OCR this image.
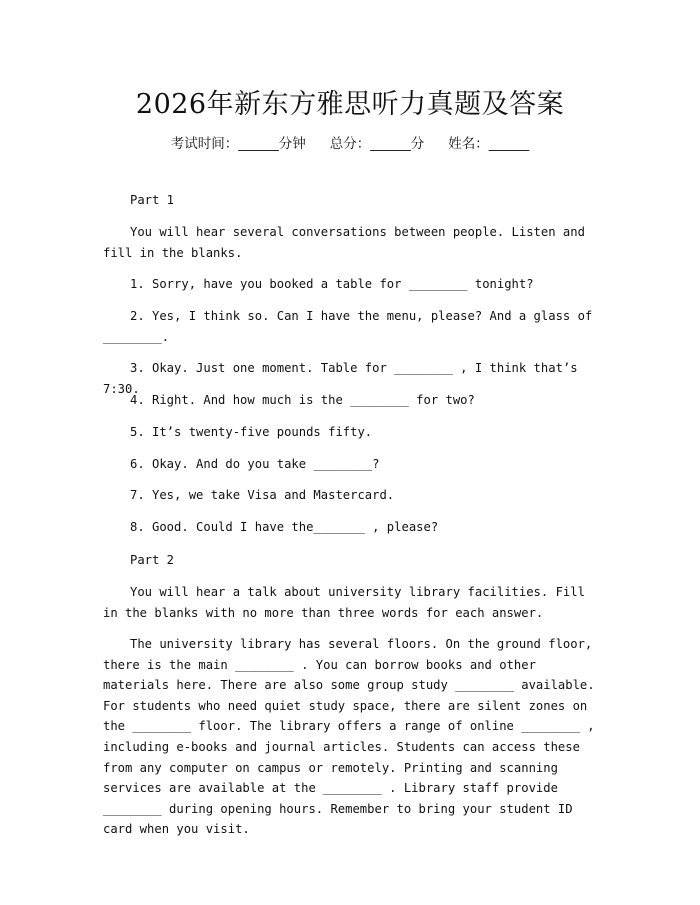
2026年新东方雅思听力真题及答案
考试时间：______分钟 总分：______分 姓名：______
Part 1
You will hear several conversations between people. Listen and fill in the blanks.
1. Sorry, have you booked a table for ________ tonight?
2. Yes, I think so. Can I have the menu, please? And a glass of ________.
3. Okay. Just one moment. Table for ________ , I think that’s 7:30.
4. Right. And how much is the ________ for two?
5. It’s twenty-five pounds fifty.
6. Okay. And do you take ________?
7. Yes, we take Visa and Mastercard.
8. Good. Could I have the_______ , please?
Part 2
You will hear a talk about university library facilities. Fill in the blanks with no more than three words for each answer.
The university library has several floors. On the ground floor, there is the main ________ . You can borrow books and other materials here. There are also some group study ________ available. For students who need quiet study space, there are silent zones on the ________ floor. The library offers a range of online ________ , including e-books and journal articles. Students can access these from any computer on campus or remotely. Printing and scanning services are available at the ________ . Library staff provide ________ during opening hours. Remember to bring your student ID card when you visit.
